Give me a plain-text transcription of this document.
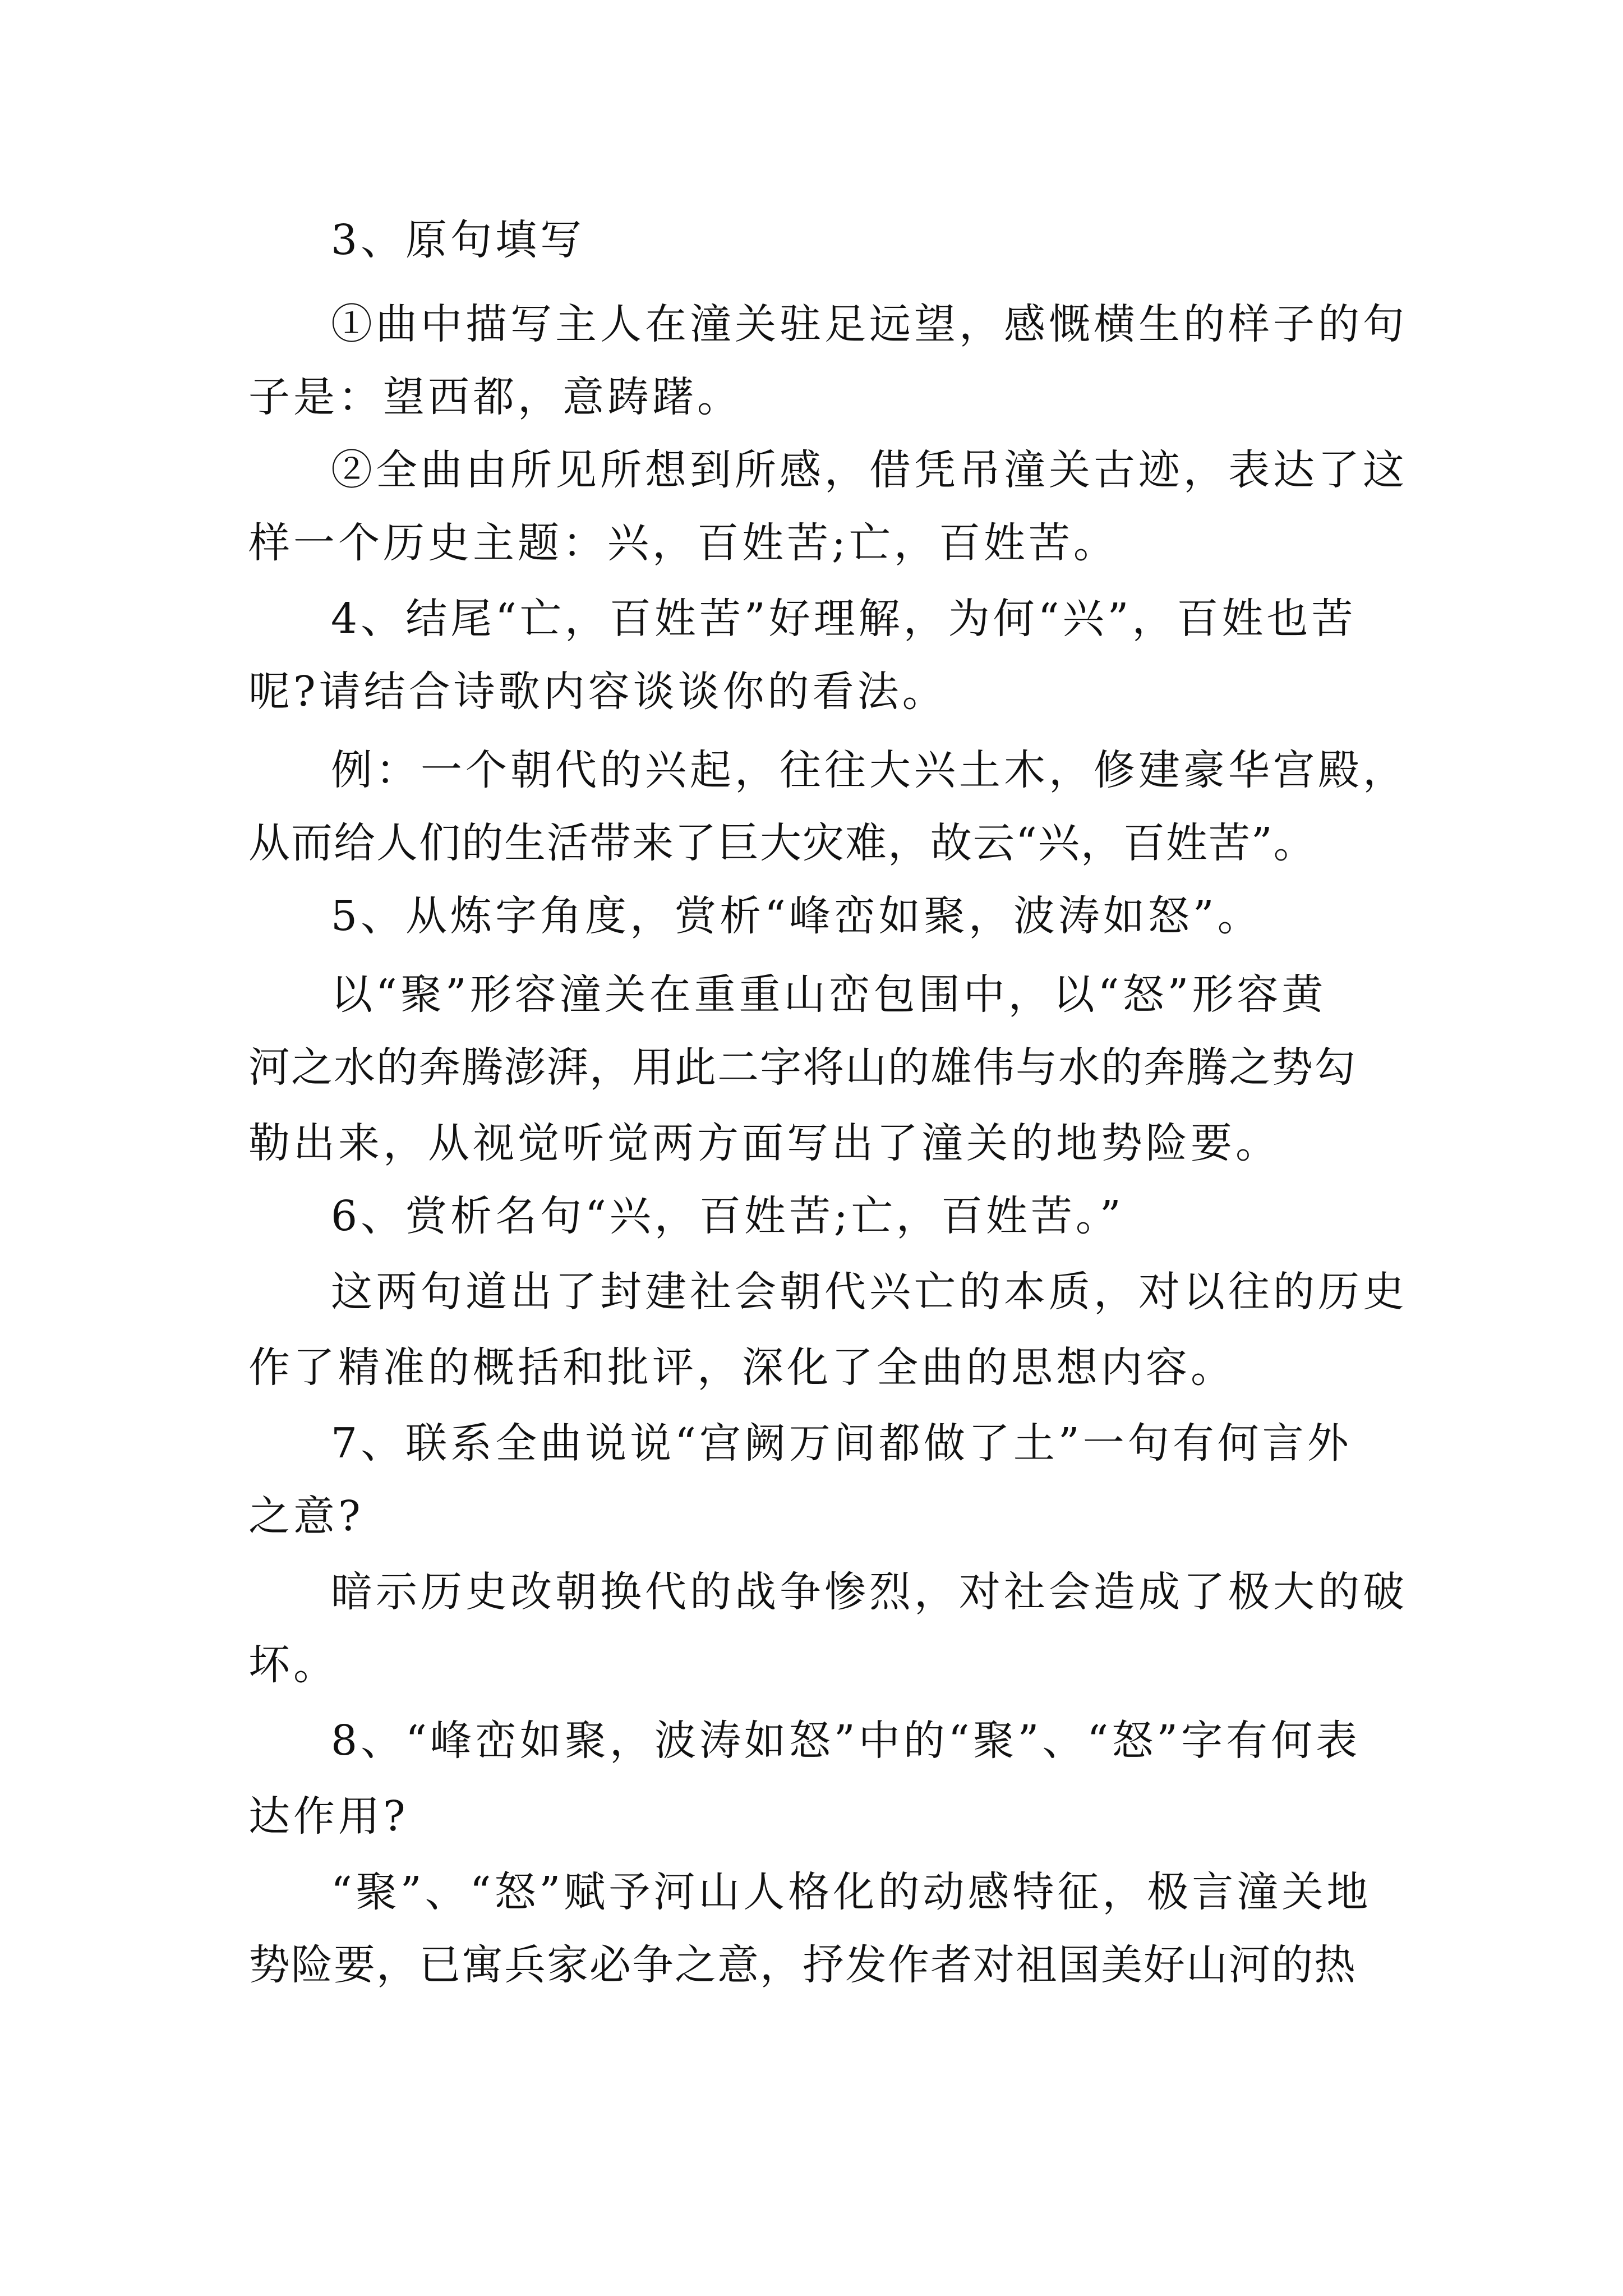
3、原句填写
①曲中描写主人在潼关驻足远望，感慨横生的样子的句
子是：望西都，意踌躇。
②全曲由所见所想到所感，借凭吊潼关古迹，表达了这
样一个历史主题：兴，百姓苦;亡，百姓苦。
4、结尾“亡，百姓苦”好理解，为何“兴”，百姓也苦
呢?请结合诗歌内容谈谈你的看法。
例：一个朝代的兴起，往往大兴土木，修建豪华宫殿，
从而给人们的生活带来了巨大灾难，故云“兴，百姓苦”。
5、从炼字角度，赏析“峰峦如聚，波涛如怒”。
以“聚”形容潼关在重重山峦包围中，以“怒”形容黄
河之水的奔腾澎湃，用此二字将山的雄伟与水的奔腾之势勾
勒出来，从视觉听觉两方面写出了潼关的地势险要。
6、赏析名句“兴，百姓苦;亡，百姓苦。”
这两句道出了封建社会朝代兴亡的本质，对以往的历史
作了精准的概括和批评，深化了全曲的思想内容。
7、联系全曲说说“宫阙万间都做了土”一句有何言外
之意?
暗示历史改朝换代的战争惨烈，对社会造成了极大的破
坏。
8、“峰峦如聚，波涛如怒”中的“聚”、“怒”字有何表
达作用?
“聚”、“怒”赋予河山人格化的动感特征，极言潼关地
势险要，已寓兵家必争之意，抒发作者对祖国美好山河的热
